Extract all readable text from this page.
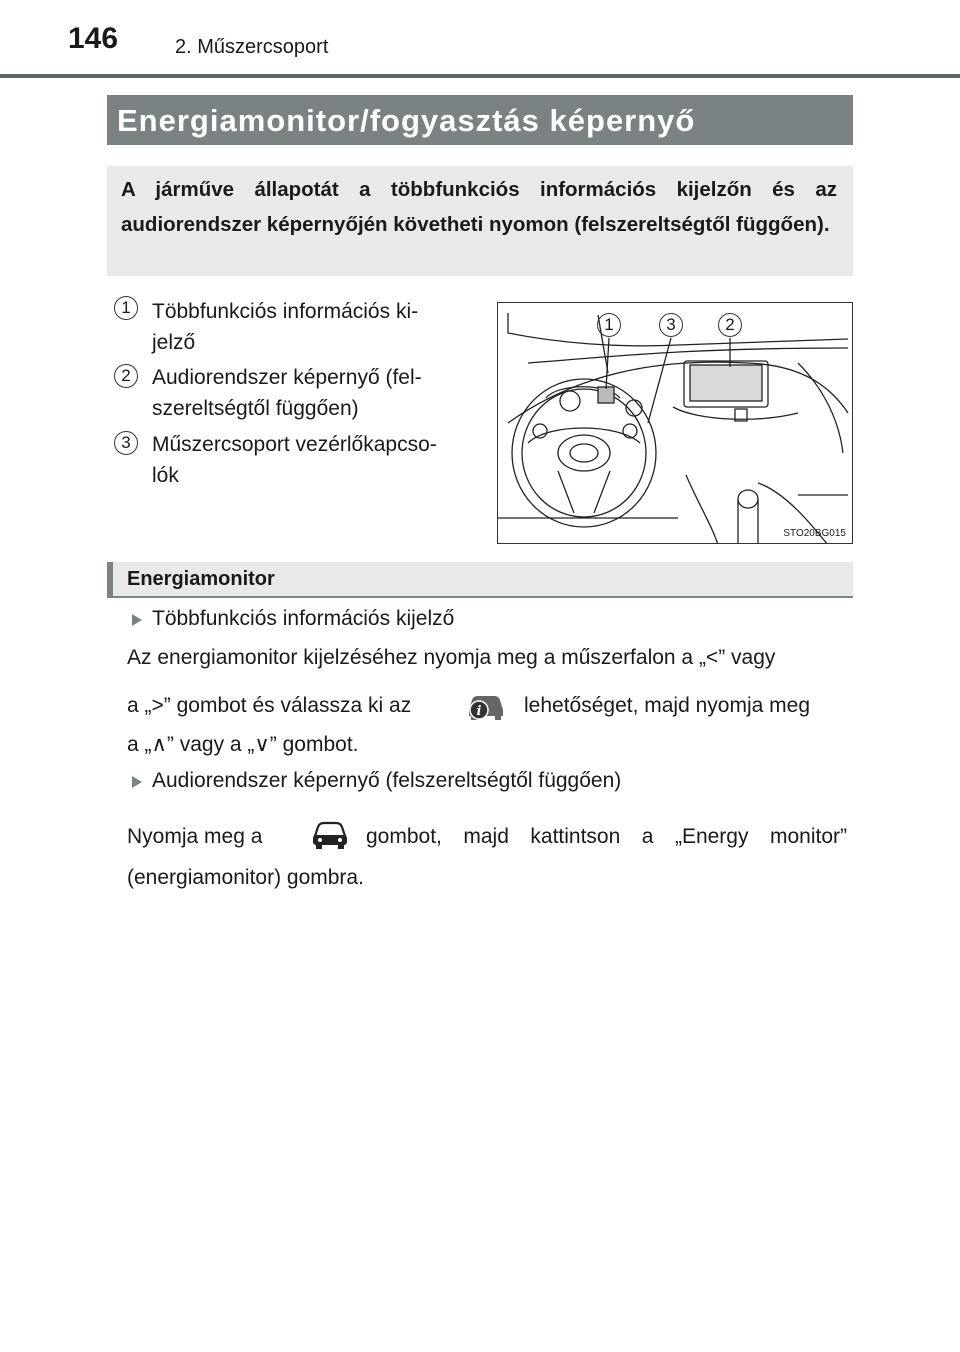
146	2. Műszercsoport
Energiamonitor/fogyasztás képernyő
A járműve állapotát a többfunkciós információs kijelzőn és az audiorendszer képernyőjén követheti nyomon (felszereltségtől függően).
1	Többfunkciós információs ki-
jelző
2	Audiorendszer képernyő (fel-
szereltségtől függően)
3	Műszercsoport vezérlőkapcso-
lók
1	3	2
STO20BG015
Energiamonitor
Többfunkciós információs kijelző
Az energiamonitor kijelzéséhez nyomja meg a műszerfalon a „<” vagy
a „>” gombot és válassza ki az	i lehetőséget, majd nyomja meg
a „∧” vagy a „∨” gombot.
Audiorendszer képernyő (felszereltségtől függően)
Nyomja meg a	gombot, majd kattintson a „Energy monitor”
(energiamonitor) gombra.
